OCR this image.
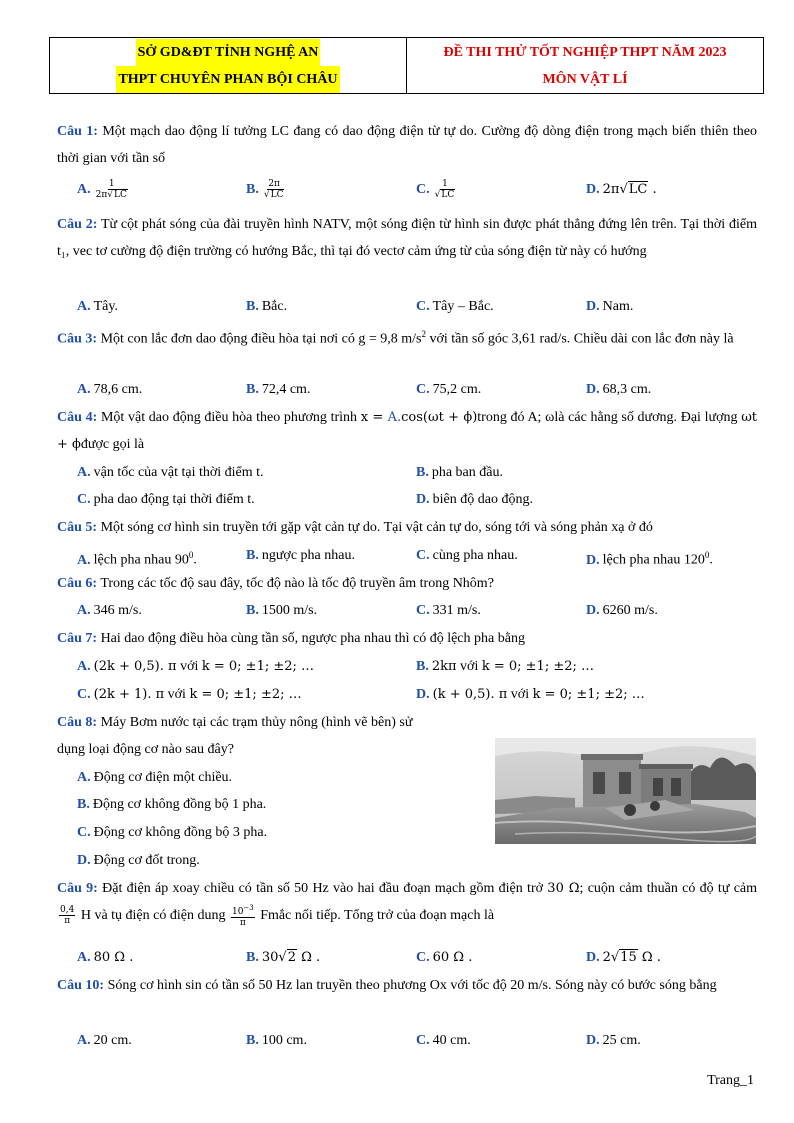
SỞ GD&ĐT TỈNH NGHỆ AN
THPT CHUYÊN PHAN BỘI CHÂU
ĐỀ THI THỬ TỐT NGHIỆP THPT NĂM 2023
MÔN VẬT LÍ
Câu 1: Một mạch dao động lí tưởng LC đang có dao động điện từ tự do. Cường độ dòng điện trong mạch biến thiên theo thời gian với tần số
A. $\frac{1}{2\pi√LC}$	B. $\frac{2\pi}{√LC}$	C. $\frac{1}{√LC}$	D. 2π√LC .
Câu 2: Từ cột phát sóng của đài truyền hình NATV, một sóng điện từ hình sin được phát thẳng đứng lên trên. Tại thời điểm t₁, vec tơ cường độ điện trường có hướng Bắc, thì tại đó vectơ cảm ứng từ của sóng điện từ này có hướng
A. Tây.	B. Bắc.	C. Tây – Bắc.	D. Nam.
Câu 3: Một con lắc đơn dao động điều hòa tại nơi có g = 9,8 $m/s^2$ với tần số góc 3,61 rad/s. Chiều dài con lắc đơn này là
A. 78,6 cm.	B. 72,4 cm.	C. 75,2 cm.	D. 68,3 cm.
Câu 4: Một vật dao động điều hòa theo phương trình x = A.cos(ωt + ϕ)trong đó A; ωlà các hằng số dương. Đại lượng ωt + ϕđược gọi là
A. vận tốc của vật tại thời điểm t.	B. pha ban đầu.
C. pha dao động tại thời điểm t.	D. biên độ dao động.
Câu 5: Một sóng cơ hình sin truyền tới gặp vật cản tự do. Tại vật cản tự do, sóng tới và sóng phản xạ ở đó
A. lệch pha nhau $90^0$.	B. ngược pha nhau.	C. cùng pha nhau.	D. lệch pha nhau $120^0$.
Câu 6: Trong các tốc độ sau đây, tốc độ nào là tốc độ truyền âm trong Nhôm?
A. 346 m/s.	B. 1500 m/s.	C. 331 m/s.	D. 6260 m/s.
Câu 7: Hai dao động điều hòa cùng tần số, ngược pha nhau thì có độ lệch pha bằng
A. (2k + 0,5). π với k = 0; ±1; ±2; …	B. 2kπ với k = 0; ±1; ±2; …
C. (2k + 1). π với k = 0; ±1; ±2; …	D. (k + 0,5). π với k = 0; ±1; ±2; …
Câu 8: Máy Bơm nước tại các trạm thủy nông (hình vẽ bên) sử
dụng loại động cơ nào sau đây?
A. Động cơ điện một chiều.
B. Động cơ không đồng bộ 1 pha.
C. Động cơ không đồng bộ 3 pha.
D. Động cơ đốt trong.
Câu 9: Đặt điện áp xoay chiều có tần số 50 Hz vào hai đầu đoạn mạch gồm điện trở 30 Ω; cuộn cảm thuần có độ tự cảm
$\frac{0,4}{\pi}$ H và tụ điện có điện dung $\frac{10^{-3}}{\pi}$ Fmắc nối tiếp. Tổng trở của đoạn mạch là
A. 80 Ω .	B. 30√2 Ω .	C. 60 Ω .	D. 2√15 Ω .
Câu 10: Sóng cơ hình sin có tần số 50 Hz lan truyền theo phương Ox với tốc độ 20 m/s. Sóng này có bước sóng bằng
A. 20 cm.	B. 100 cm.	C. 40 cm.	D. 25 cm.
Trang_1
